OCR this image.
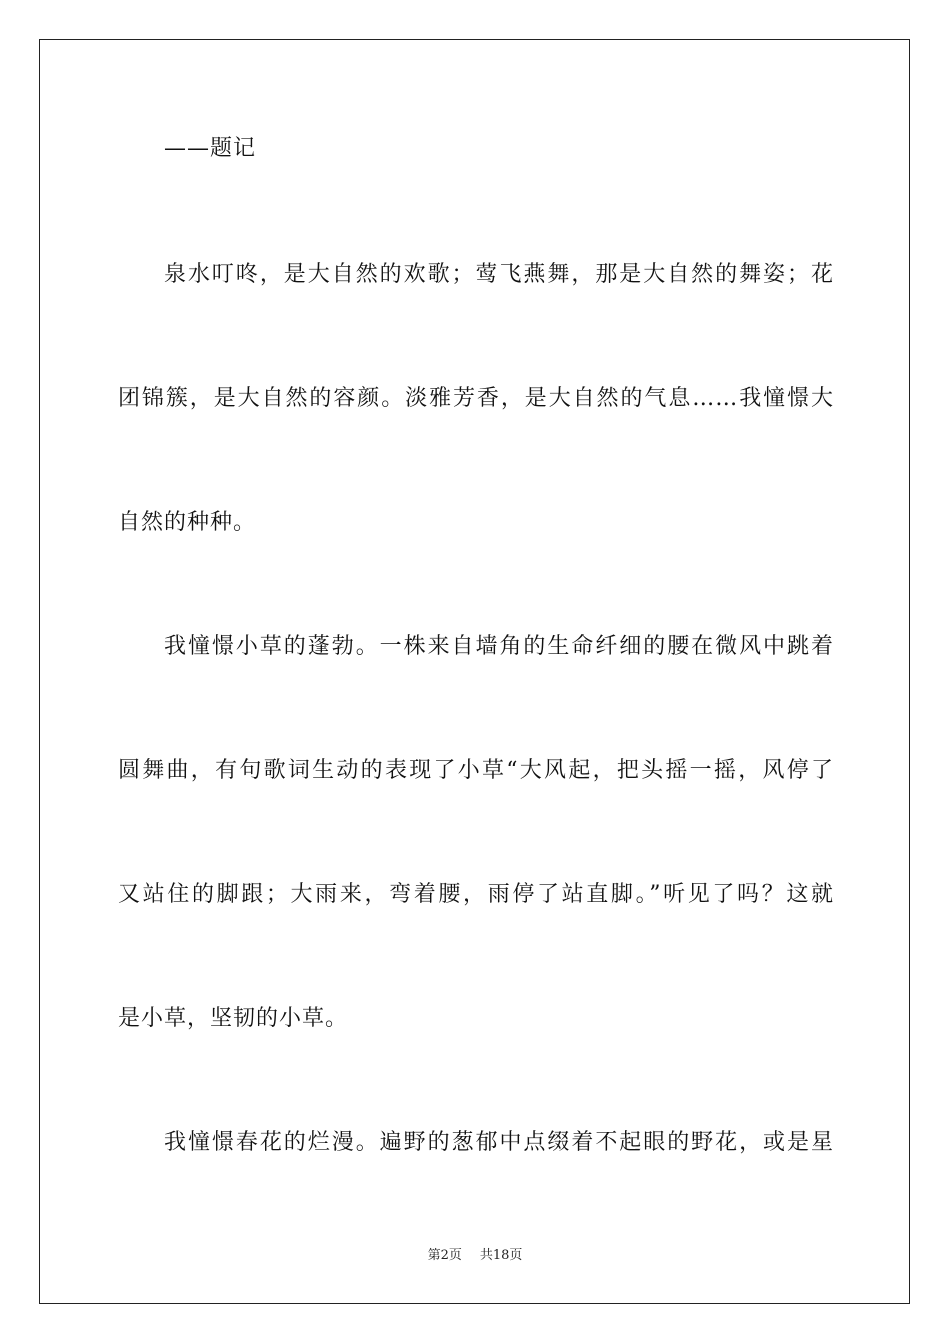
——题记
泉水叮咚，是大自然的欢歌；莺飞燕舞，那是大自然的舞姿；花
团锦簇，是大自然的容颜。淡雅芳香，是大自然的气息……我憧憬大
自然的种种。
我憧憬小草的蓬勃。一株来自墙角的生命纤细的腰在微风中跳着
圆舞曲，有句歌词生动的表现了小草“大风起，把头摇一摇，风停了
又站住的脚跟；大雨来，弯着腰，雨停了站直脚。”听见了吗？这就
是小草，坚韧的小草。
我憧憬春花的烂漫。遍野的葱郁中点缀着不起眼的野花，或是星
第2页 共18页
